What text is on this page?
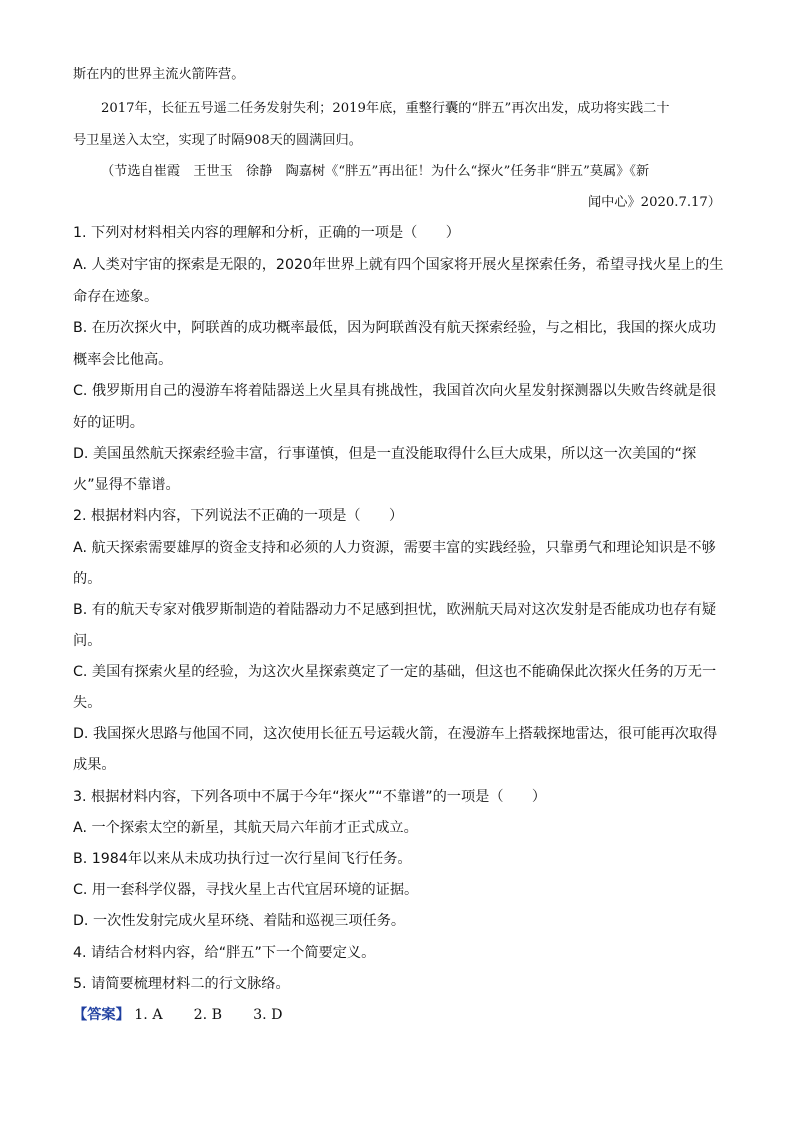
斯在内的世界主流火箭阵营。
2017年，长征五号遥二任务发射失利；2019年底，重整行囊的“胖五”再次出发，成功将实践二十
号卫星送入太空，实现了时隔908天的圆满回归。
（节选自崔霞　王世玉　徐静　陶嘉树《“胖五”再出征！为什么“探火”任务非“胖五”莫属》《新
闻中心》2020.7.17）
1. 下列对材料相关内容的理解和分析，正确的一项是（　　）
A. 人类对宇宙的探索是无限的，2020年世界上就有四个国家将开展火星探索任务，希望寻找火星上的生
命存在迹象。
B. 在历次探火中，阿联酋的成功概率最低，因为阿联酋没有航天探索经验，与之相比，我国的探火成功
概率会比他高。
C. 俄罗斯用自己的漫游车将着陆器送上火星具有挑战性，我国首次向火星发射探测器以失败告终就是很
好的证明。
D. 美国虽然航天探索经验丰富，行事谨慎，但是一直没能取得什么巨大成果，所以这一次美国的“探
火”显得不靠谱。
2. 根据材料内容，下列说法不正确的一项是（　　）
A. 航天探索需要雄厚的资金支持和必须的人力资源，需要丰富的实践经验，只靠勇气和理论知识是不够
的。
B. 有的航天专家对俄罗斯制造的着陆器动力不足感到担忧，欧洲航天局对这次发射是否能成功也存有疑
问。
C. 美国有探索火星的经验，为这次火星探索奠定了一定的基础，但这也不能确保此次探火任务的万无一
失。
D. 我国探火思路与他国不同，这次使用长征五号运载火箭，在漫游车上搭载探地雷达，很可能再次取得
成果。
3. 根据材料内容，下列各项中不属于今年“探火”“不靠谱”的一项是（　　）
A. 一个探索太空的新星，其航天局六年前才正式成立。
B. 1984年以来从未成功执行过一次行星间飞行任务。
C. 用一套科学仪器，寻找火星上古代宜居环境的证据。
D. 一次性发射完成火星环绕、着陆和巡视三项任务。
4. 请结合材料内容，给“胖五”下一个简要定义。
5. 请简要梳理材料二的行文脉络。
【答案】 1. A 2. B 3. D
